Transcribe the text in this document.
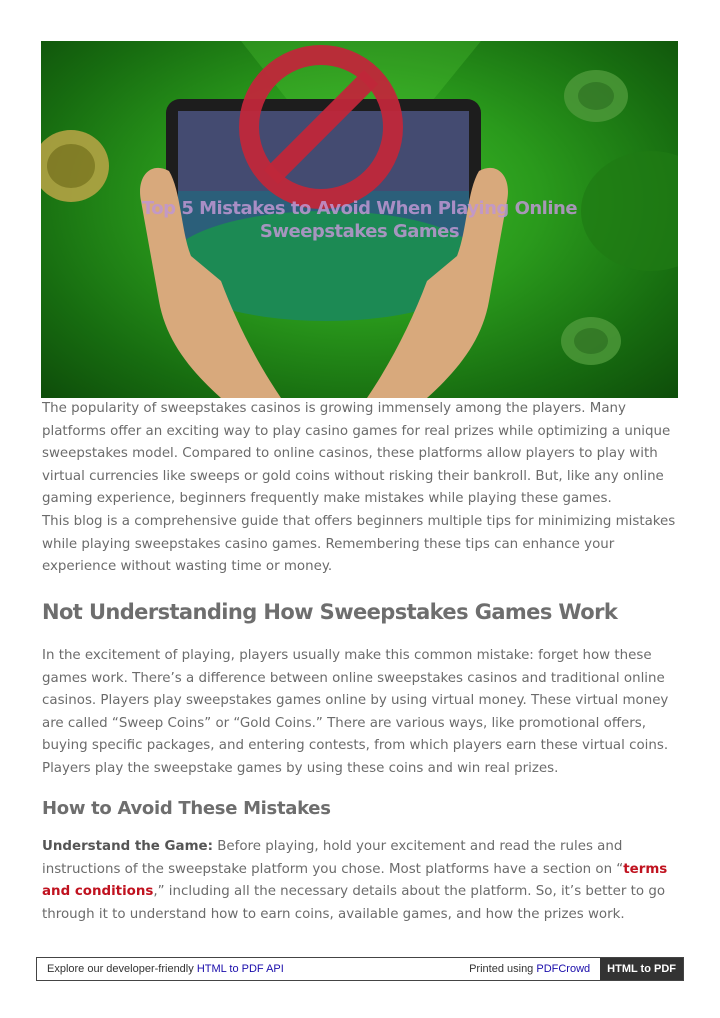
Top 5 Mistakes to Avoid When Playing Online
Sweepstakes Games

The popularity of sweepstakes casinos is growing immensely among the players. Many platforms offer an exciting way to play casino games for real prizes while optimizing a unique sweepstakes model. Compared to online casinos, these platforms allow players to play with virtual currencies like sweeps or gold coins without risking their bankroll. But, like any online gaming experience, beginners frequently make mistakes while playing these games.

This blog is a comprehensive guide that offers beginners multiple tips for minimizing mistakes while playing sweepstakes casino games. Remembering these tips can enhance your experience without wasting time or money.

Not Understanding How Sweepstakes Games Work

In the excitement of playing, players usually make this common mistake: forget how these games work. There’s a difference between online sweepstakes casinos and traditional online casinos. Players play sweepstakes games online by using virtual money. These virtual money are called “Sweep Coins” or “Gold Coins.” There are various ways, like promotional offers, buying specific packages, and entering contests, from which players earn these virtual coins. Players play the sweepstake games by using these coins and win real prizes.

How to Avoid These Mistakes

Understand the Game: Before playing, hold your excitement and read the rules and instructions of the sweepstake platform you chose. Most platforms have a section on “terms and conditions,” including all the necessary details about the platform. So, it’s better to go through it to understand how to earn coins, available games, and how the prizes work.

Explore our developer-friendly HTML to PDF API	Printed using PDFCrowd	HTML to PDF
